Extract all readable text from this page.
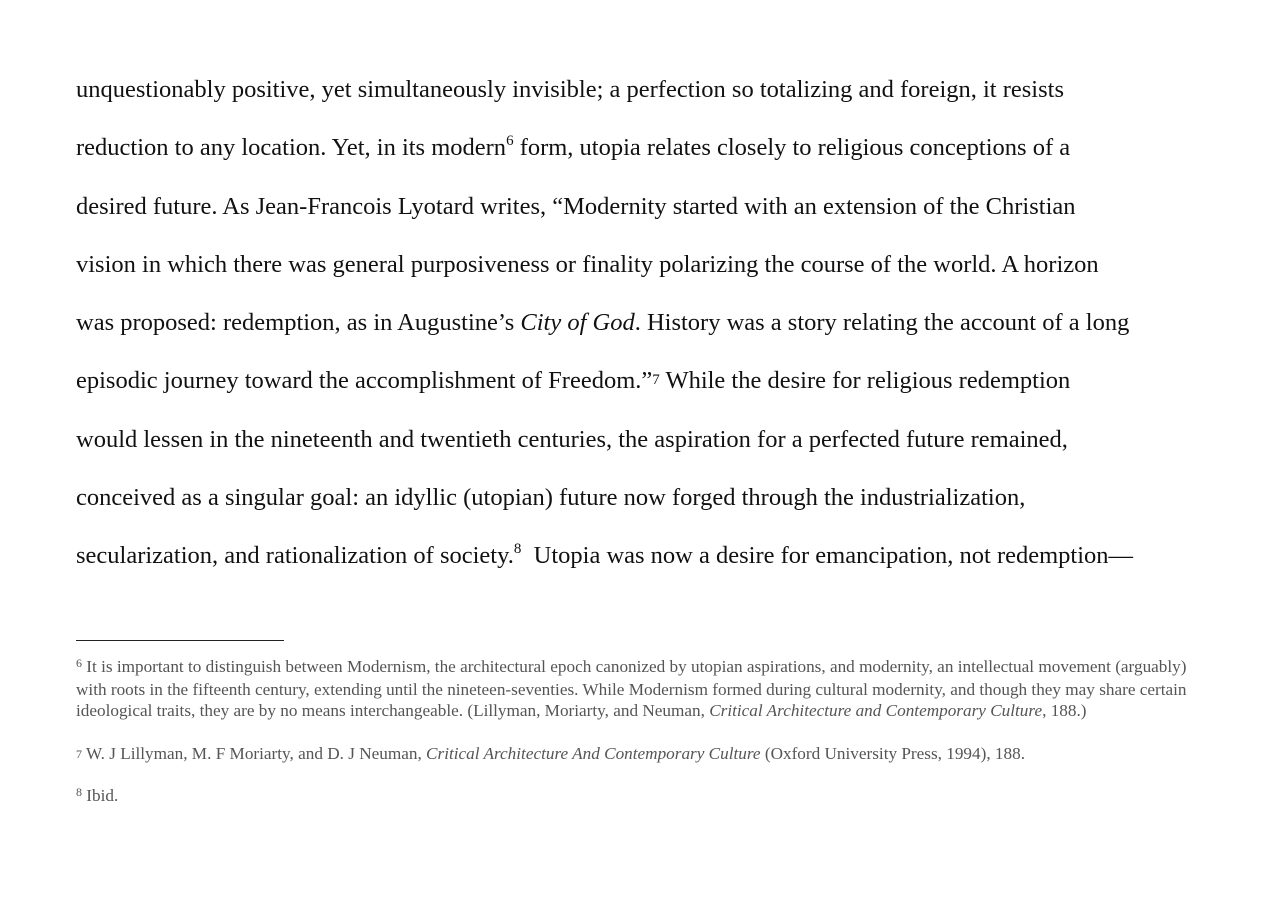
unquestionably positive, yet simultaneously invisible; a perfection so totalizing and foreign, it resists
reduction to any location. Yet, in its modern$^6$ form, utopia relates closely to religious conceptions of a
desired future. As Jean-Francois Lyotard writes, “Modernity started with an extension of the Christian
vision in which there was general purposiveness or finality polarizing the course of the world. A horizon
was proposed: redemption, as in Augustine’s City of God. History was a story relating the account of a long
episodic journey toward the accomplishment of Freedom.”7 While the desire for religious redemption
would lessen in the nineteenth and twentieth centuries, the aspiration for a perfected future remained,
conceived as a singular goal: an idyllic (utopian) future now forged through the industrialization,
secularization, and rationalization of society.$^8$  Utopia was now a desire for emancipation, not redemption—
$^6$ It is important to distinguish between Modernism, the architectural epoch canonized by utopian aspirations, and modernity, an intellectual movement (arguably) with roots in the fifteenth century, extending until the nineteen-seventies. While Modernism formed during cultural modernity, and though they may share certain ideological traits, they are by no means interchangeable. (Lillyman, Moriarty, and Neuman, Critical Architecture and Contemporary Culture, 188.)
7 W. J Lillyman, M. F Moriarty, and D. J Neuman, Critical Architecture And Contemporary Culture (Oxford University Press, 1994), 188.
$^8$ Ibid.
